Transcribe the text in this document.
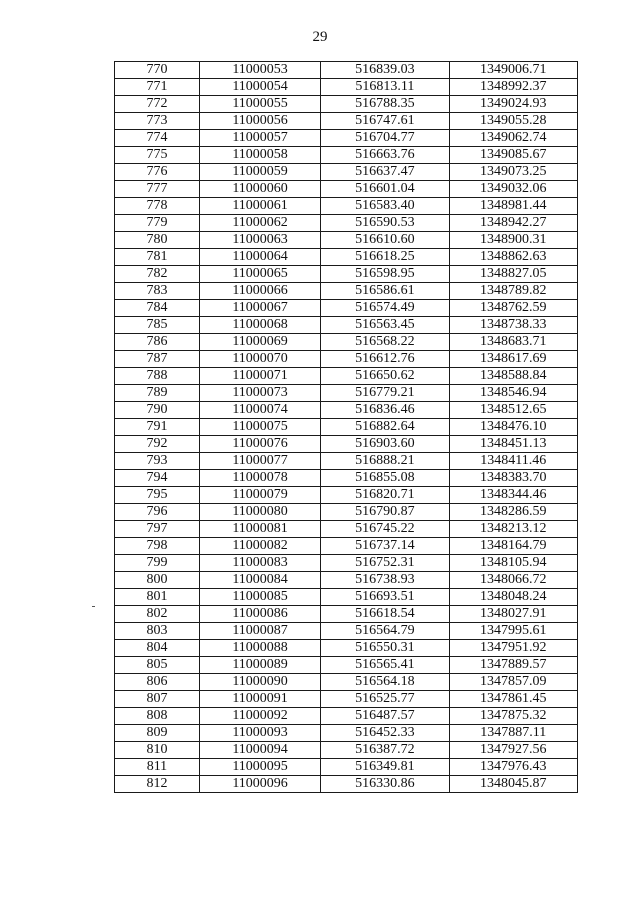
29
770	11000053	516839.03	1349006.71
771	11000054	516813.11	1348992.37
772	11000055	516788.35	1349024.93
773	11000056	516747.61	1349055.28
774	11000057	516704.77	1349062.74
775	11000058	516663.76	1349085.67
776	11000059	516637.47	1349073.25
777	11000060	516601.04	1349032.06
778	11000061	516583.40	1348981.44
779	11000062	516590.53	1348942.27
780	11000063	516610.60	1348900.31
781	11000064	516618.25	1348862.63
782	11000065	516598.95	1348827.05
783	11000066	516586.61	1348789.82
784	11000067	516574.49	1348762.59
785	11000068	516563.45	1348738.33
786	11000069	516568.22	1348683.71
787	11000070	516612.76	1348617.69
788	11000071	516650.62	1348588.84
789	11000073	516779.21	1348546.94
790	11000074	516836.46	1348512.65
791	11000075	516882.64	1348476.10
792	11000076	516903.60	1348451.13
793	11000077	516888.21	1348411.46
794	11000078	516855.08	1348383.70
795	11000079	516820.71	1348344.46
796	11000080	516790.87	1348286.59
797	11000081	516745.22	1348213.12
798	11000082	516737.14	1348164.79
799	11000083	516752.31	1348105.94
800	11000084	516738.93	1348066.72
801	11000085	516693.51	1348048.24
802	11000086	516618.54	1348027.91
803	11000087	516564.79	1347995.61
804	11000088	516550.31	1347951.92
805	11000089	516565.41	1347889.57
806	11000090	516564.18	1347857.09
807	11000091	516525.77	1347861.45
808	11000092	516487.57	1347875.32
809	11000093	516452.33	1347887.11
810	11000094	516387.72	1347927.56
811	11000095	516349.81	1347976.43
812	11000096	516330.86	1348045.87
